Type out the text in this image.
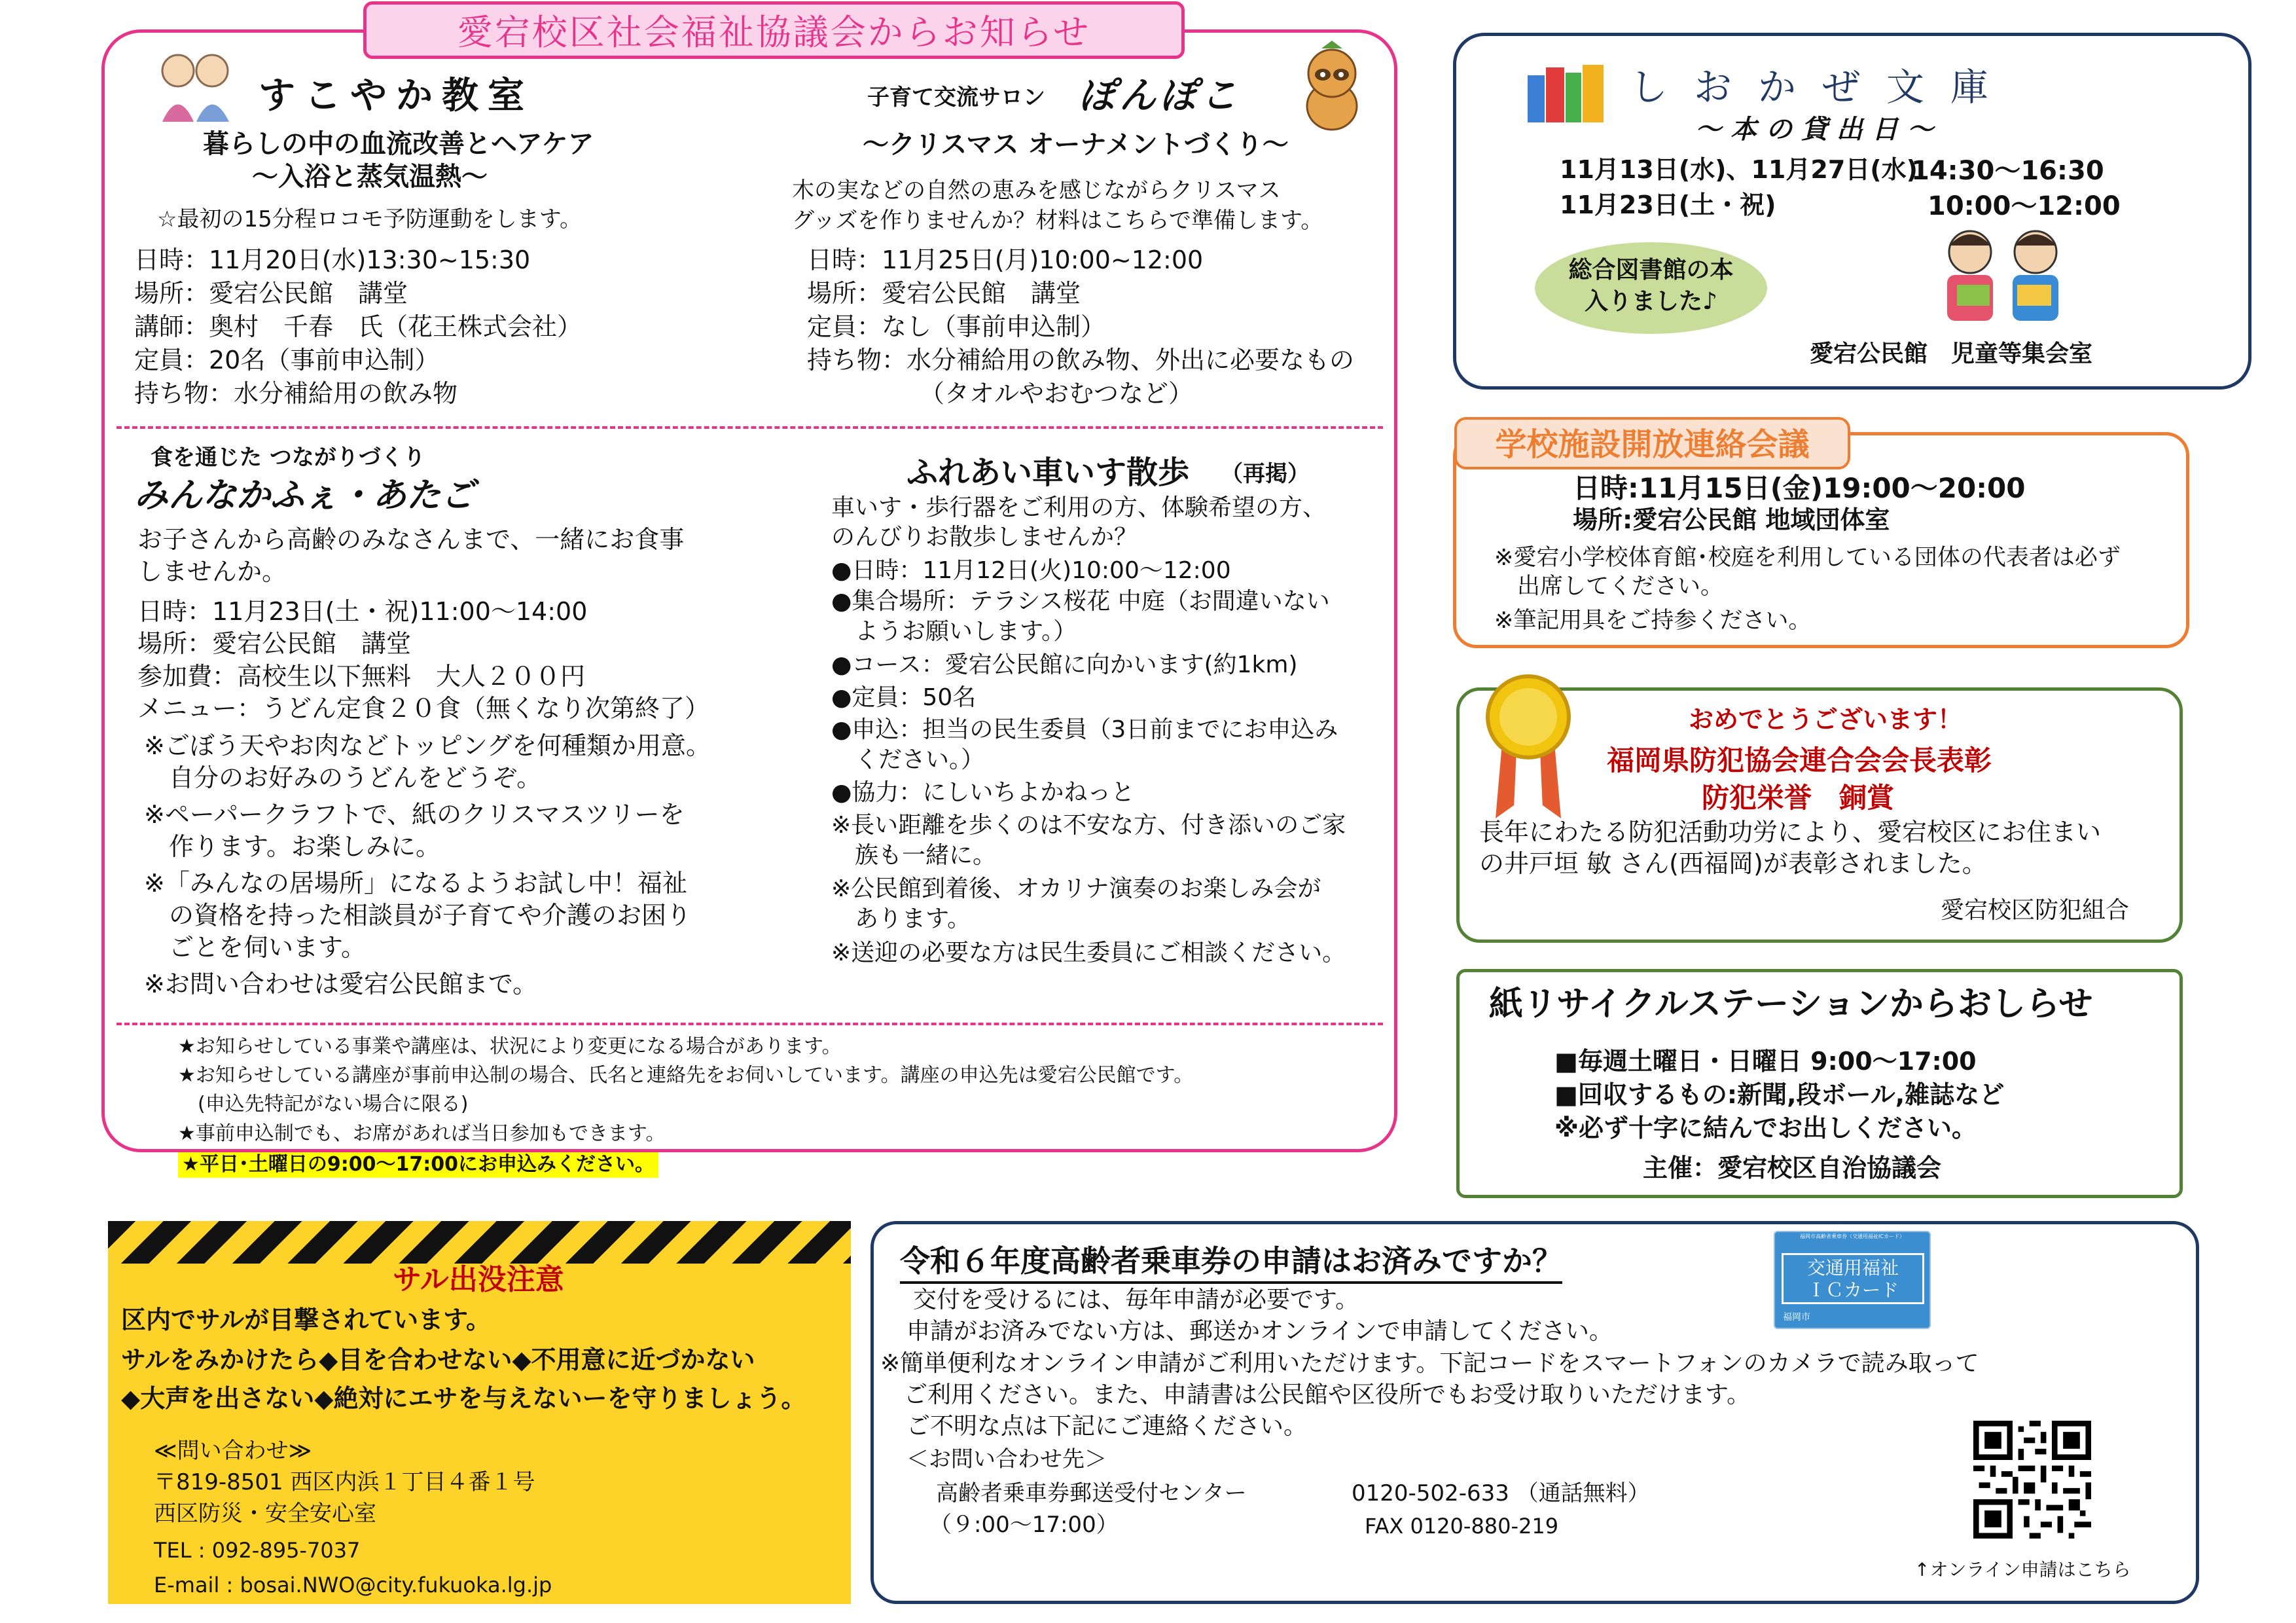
愛宕校区社会福祉協議会からお知らせ
すこやか教室
暮らしの中の血流改善とヘアケア
～入浴と蒸気温熱～
☆最初の15分程ロコモ予防運動をします。
日時：11月20日(水)13:30~15:30
場所：愛宕公民館　講堂
講師：奥村　千春　氏（花王株式会社）
定員：20名（事前申込制）
持ち物：水分補給用の飲み物
子育て交流サロン ぽんぽこ
～クリスマス オーナメントづくり～
木の実などの自然の恵みを感じながらクリスマス
グッズを作りませんか？材料はこちらで準備します。
日時：11月25日(月)10:00~12:00
場所：愛宕公民館　講堂
定員：なし（事前申込制）
持ち物：水分補給用の飲み物、外出に必要なもの
（タオルやおむつなど）
食を通じた つながりづくり
みんなかふぇ・あたご
お子さんから高齢のみなさんまで、一緒にお食事
しませんか。
日時：11月23日(土・祝)11:00～14:00
場所：愛宕公民館　講堂
参加費：高校生以下無料　大人２００円
メニュー：うどん定食２０食（無くなり次第終了）
※ごぼう天やお肉などトッピングを何種類か用意。
　自分のお好みのうどんをどうぞ。
※ペーパークラフトで、紙のクリスマスツリーを
　作ります。お楽しみに。
※「みんなの居場所」になるようお試し中！福祉
　の資格を持った相談員が子育てや介護のお困り
　ごとを伺います。
※お問い合わせは愛宕公民館まで。
ふれあい車いす散歩 （再掲）
車いす・歩行器をご利用の方、体験希望の方、
のんびりお散歩しませんか？
●日時：11月12日(火)10:00～12:00
●集合場所：テラシス桜花 中庭（お間違いない
　ようお願いします。）
●コース：愛宕公民館に向かいます(約1km)
●定員：50名
●申込：担当の民生委員（3日前までにお申込み
　ください。）
●協力：にしいちよかねっと
※長い距離を歩くのは不安な方、付き添いのご家
　族も一緒に。
※公民館到着後、オカリナ演奏のお楽しみ会が
　あります。
※送迎の必要な方は民生委員にご相談ください。
★お知らせしている事業や講座は、状況により変更になる場合があります。
★お知らせしている講座が事前申込制の場合、氏名と連絡先をお伺いしています。講座の申込先は愛宕公民館です。
　(申込先特記がない場合に限る)
★事前申込制でも、お席があれば当日参加もできます。
★平日･土曜日の9:00～17:00にお申込みください。
しおかぜ文庫
～本の貸出日～
11月13日(水)、11月27日(水)
14:30～16:30
11月23日(土・祝)	10:00～12:00
総合図書館の本
入りました♪
愛宕公民館　児童等集会室
学校施設開放連絡会議
日時:11月15日(金)19:00～20:00
場所:愛宕公民館 地域団体室
※愛宕小学校体育館･校庭を利用している団体の代表者は必ず
　出席してください。
※筆記用具をご持参ください。
おめでとうございます！
福岡県防犯協会連合会会長表彰
防犯栄誉　銅賞
長年にわたる防犯活動功労により、愛宕校区にお住まい
の井戸垣 敏 さん(西福岡)が表彰されました。
愛宕校区防犯組合
紙リサイクルステーションからおしらせ
■毎週土曜日・日曜日 9:00～17:00
■回収するもの:新聞,段ボール,雑誌など
※必ず十字に結んでお出しください。
主催：愛宕校区自治協議会
サル出没注意
区内でサルが目撃されています。
サルをみかけたら◆目を合わせない◆不用意に近づかない
◆大声を出さない◆絶対にエサを与えないーを守りましょう。
≪問い合わせ≫
〒819-8501 西区内浜１丁目４番１号
西区防災・安全安心室
TEL : 092-895-7037
E-mail : bosai.NWO@city.fukuoka.lg.jp
令和６年度高齢者乗車券の申請はお済みですか？
福岡市高齢者乗車券（交通用福祉ICカード）
交通用福祉
ＩＣカード
福岡市
交付を受けるには、毎年申請が必要です。
申請がお済みでない方は、郵送かオンラインで申請してください。
※簡単便利なオンライン申請がご利用いただけます。下記コードをスマートフォンのカメラで読み取って
　ご利用ください。また、申請書は公民館や区役所でもお受け取りいただけます。
ご不明な点は下記にご連絡ください。
＜お問い合わせ先＞
高齢者乗車券郵送受付センター	0120-502-633 （通話無料）
（９:00～17:00）	FAX 0120-880-219
↑オンライン申請はこちら
